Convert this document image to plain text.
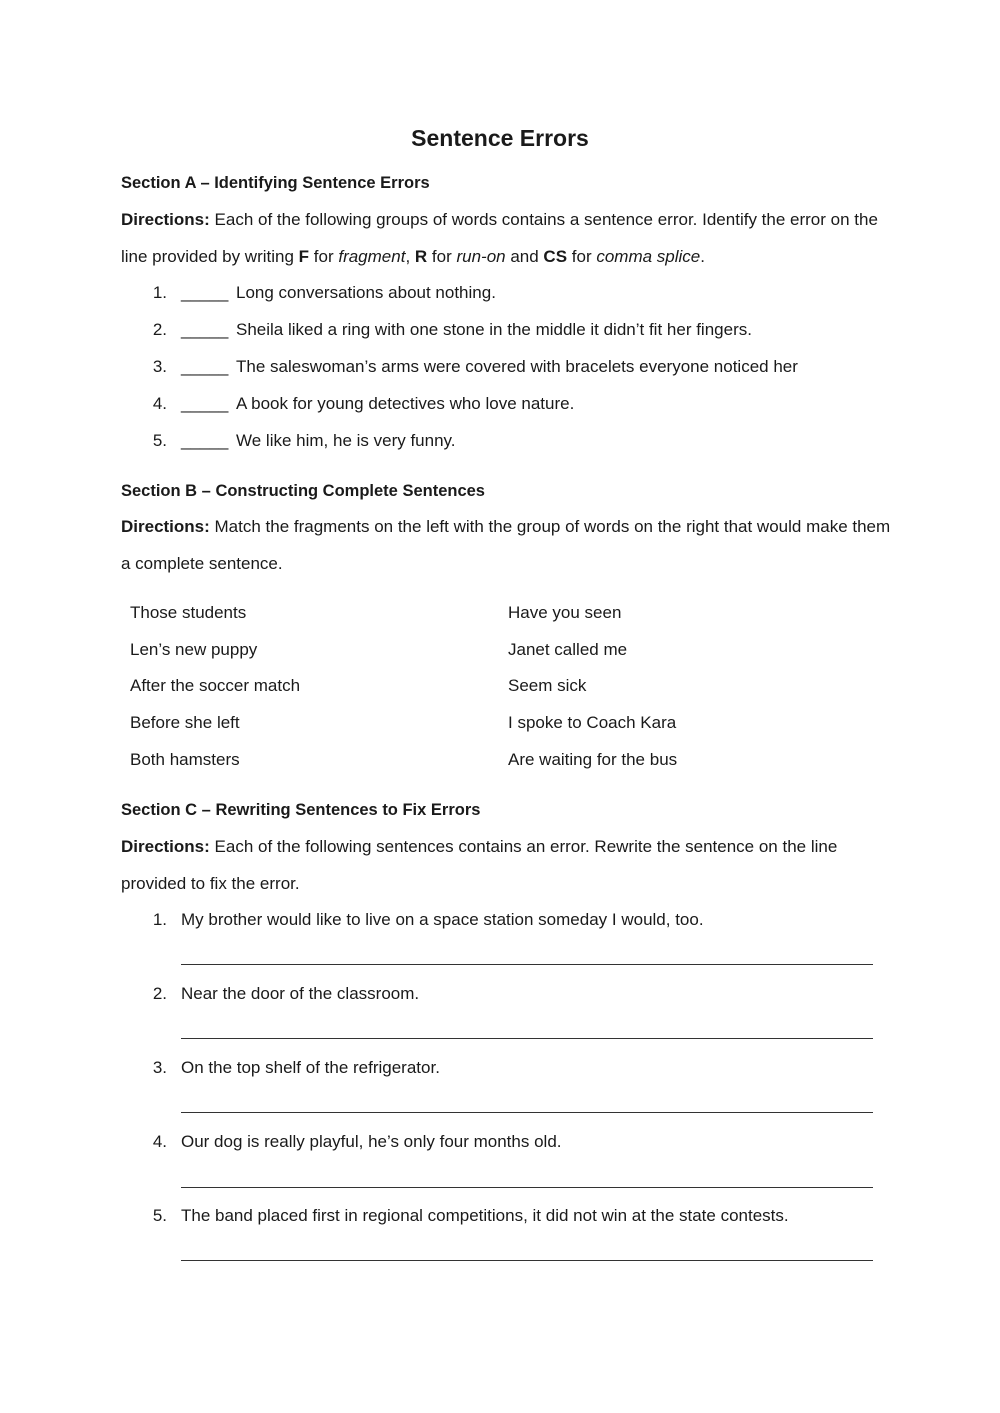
Sentence Errors
Section A – Identifying Sentence Errors
Directions: Each of the following groups of words contains a sentence error. Identify the error on the line provided by writing F for fragment, R for run-on and CS for comma splice.
1. _____ Long conversations about nothing.
2. _____ Sheila liked a ring with one stone in the middle it didn’t fit her fingers.
3. _____ The saleswoman’s arms were covered with bracelets everyone noticed her
4. _____ A book for young detectives who love nature.
5. _____ We like him, he is very funny.
Section B – Constructing Complete Sentences
Directions: Match the fragments on the left with the group of words on the right that would make them a complete sentence.
Those students
Len’s new puppy
After the soccer match
Before she left
Both hamsters
Have you seen
Janet called me
Seem sick
I spoke to Coach Kara
Are waiting for the bus
Section C – Rewriting Sentences to Fix Errors
Directions: Each of the following sentences contains an error. Rewrite the sentence on the line provided to fix the error.
1. My brother would like to live on a space station someday I would, too.
2. Near the door of the classroom.
3. On the top shelf of the refrigerator.
4. Our dog is really playful, he’s only four months old.
5. The band placed first in regional competitions, it did not win at the state contests.
